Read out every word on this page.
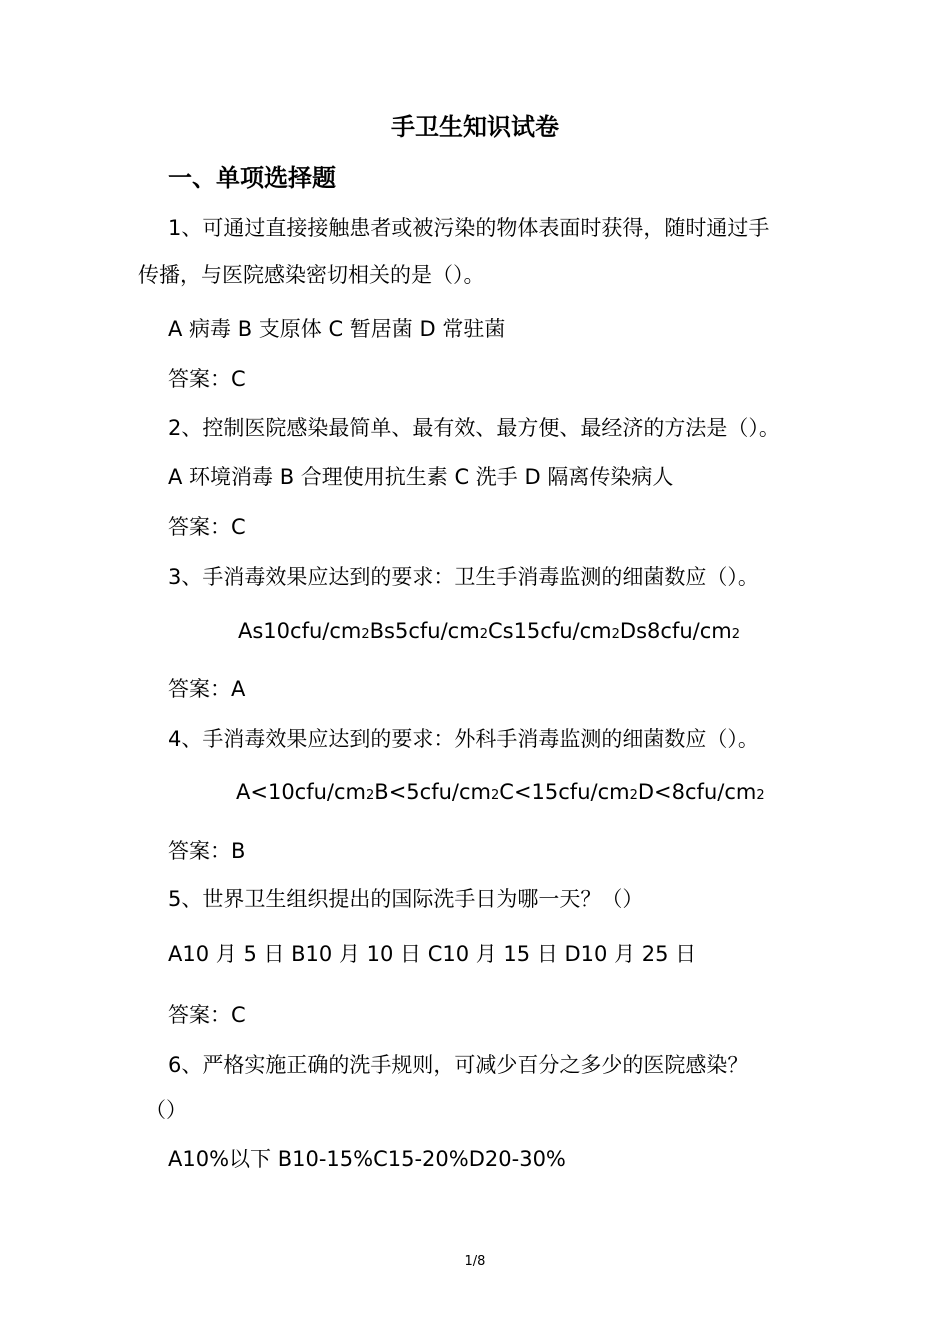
手卫生知识试卷
一、单项选择题
1、可通过直接接触患者或被污染的物体表面时获得，随时通过手
传播，与医院感染密切相关的是（）。
A 病毒 B 支原体 C 暂居菌 D 常驻菌
答案：C
2、控制医院感染最简单、最有效、最方便、最经济的方法是（）。
A 环境消毒 B 合理使用抗生素 C 洗手 D 隔离传染病人
答案：C
3、手消毒效果应达到的要求：卫生手消毒监测的细菌数应（）。
As10cfu/cm2Bs5cfu/cm2Cs15cfu/cm2Ds8cfu/cm2
答案：A
4、手消毒效果应达到的要求：外科手消毒监测的细菌数应（）。
A<10cfu/cm2B<5cfu/cm2C<15cfu/cm2D<8cfu/cm2
答案：B
5、世界卫生组织提出的国际洗手日为哪一天？（）
A10 月 5 日 B10 月 10 日 C10 月 15 日 D10 月 25 日
答案：C
6、严格实施正确的洗手规则，可减少百分之多少的医院感染？
（）
A10%以下 B10-15%C15-20%D20-30%
1/8
